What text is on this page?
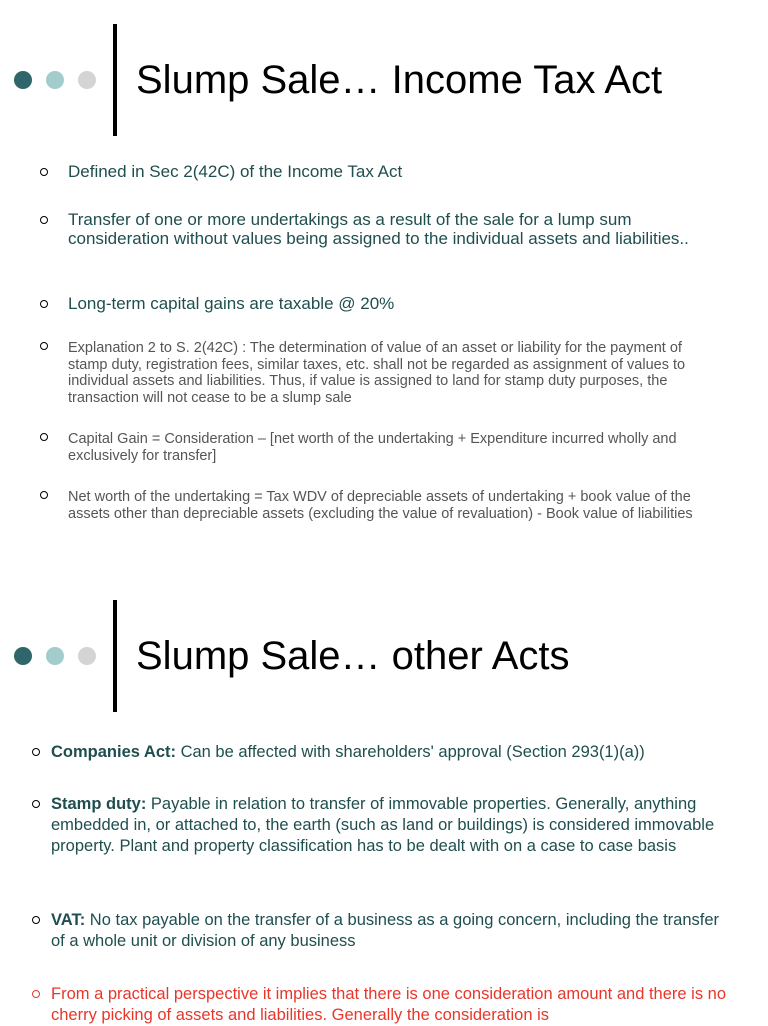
Slump Sale… Income Tax Act
Defined in Sec 2(42C) of the Income Tax Act
Transfer of one or more undertakings as a result of the sale for a lump sum consideration without values being assigned to the individual assets and liabilities..
Long-term capital gains are taxable @ 20%
Explanation 2 to S. 2(42C) : The determination of value of an asset or liability for the payment of stamp duty, registration fees, similar taxes, etc. shall not be regarded as assignment of values to individual assets and liabilities. Thus, if value is assigned to land for stamp duty purposes, the transaction will not cease to be a slump sale
Capital Gain = Consideration – [net worth of the undertaking + Expenditure incurred wholly and exclusively for transfer]
Net worth of the undertaking = Tax WDV of depreciable assets of undertaking + book value of the assets other than depreciable assets (excluding the value of revaluation) - Book value of liabilities
Slump Sale… other Acts
Companies Act: Can be affected with shareholders' approval (Section 293(1)(a))
Stamp duty: Payable in relation to transfer of immovable properties. Generally, anything embedded in, or attached to, the earth (such as land or buildings) is considered immovable property. Plant and property classification has to be dealt with on a case to case basis
VAT: No tax payable on the transfer of a business as a going concern, including the transfer of a whole unit or division of any business
From a practical perspective it implies that there is one consideration amount and there is no cherry picking of assets and liabilities. Generally the consideration is
